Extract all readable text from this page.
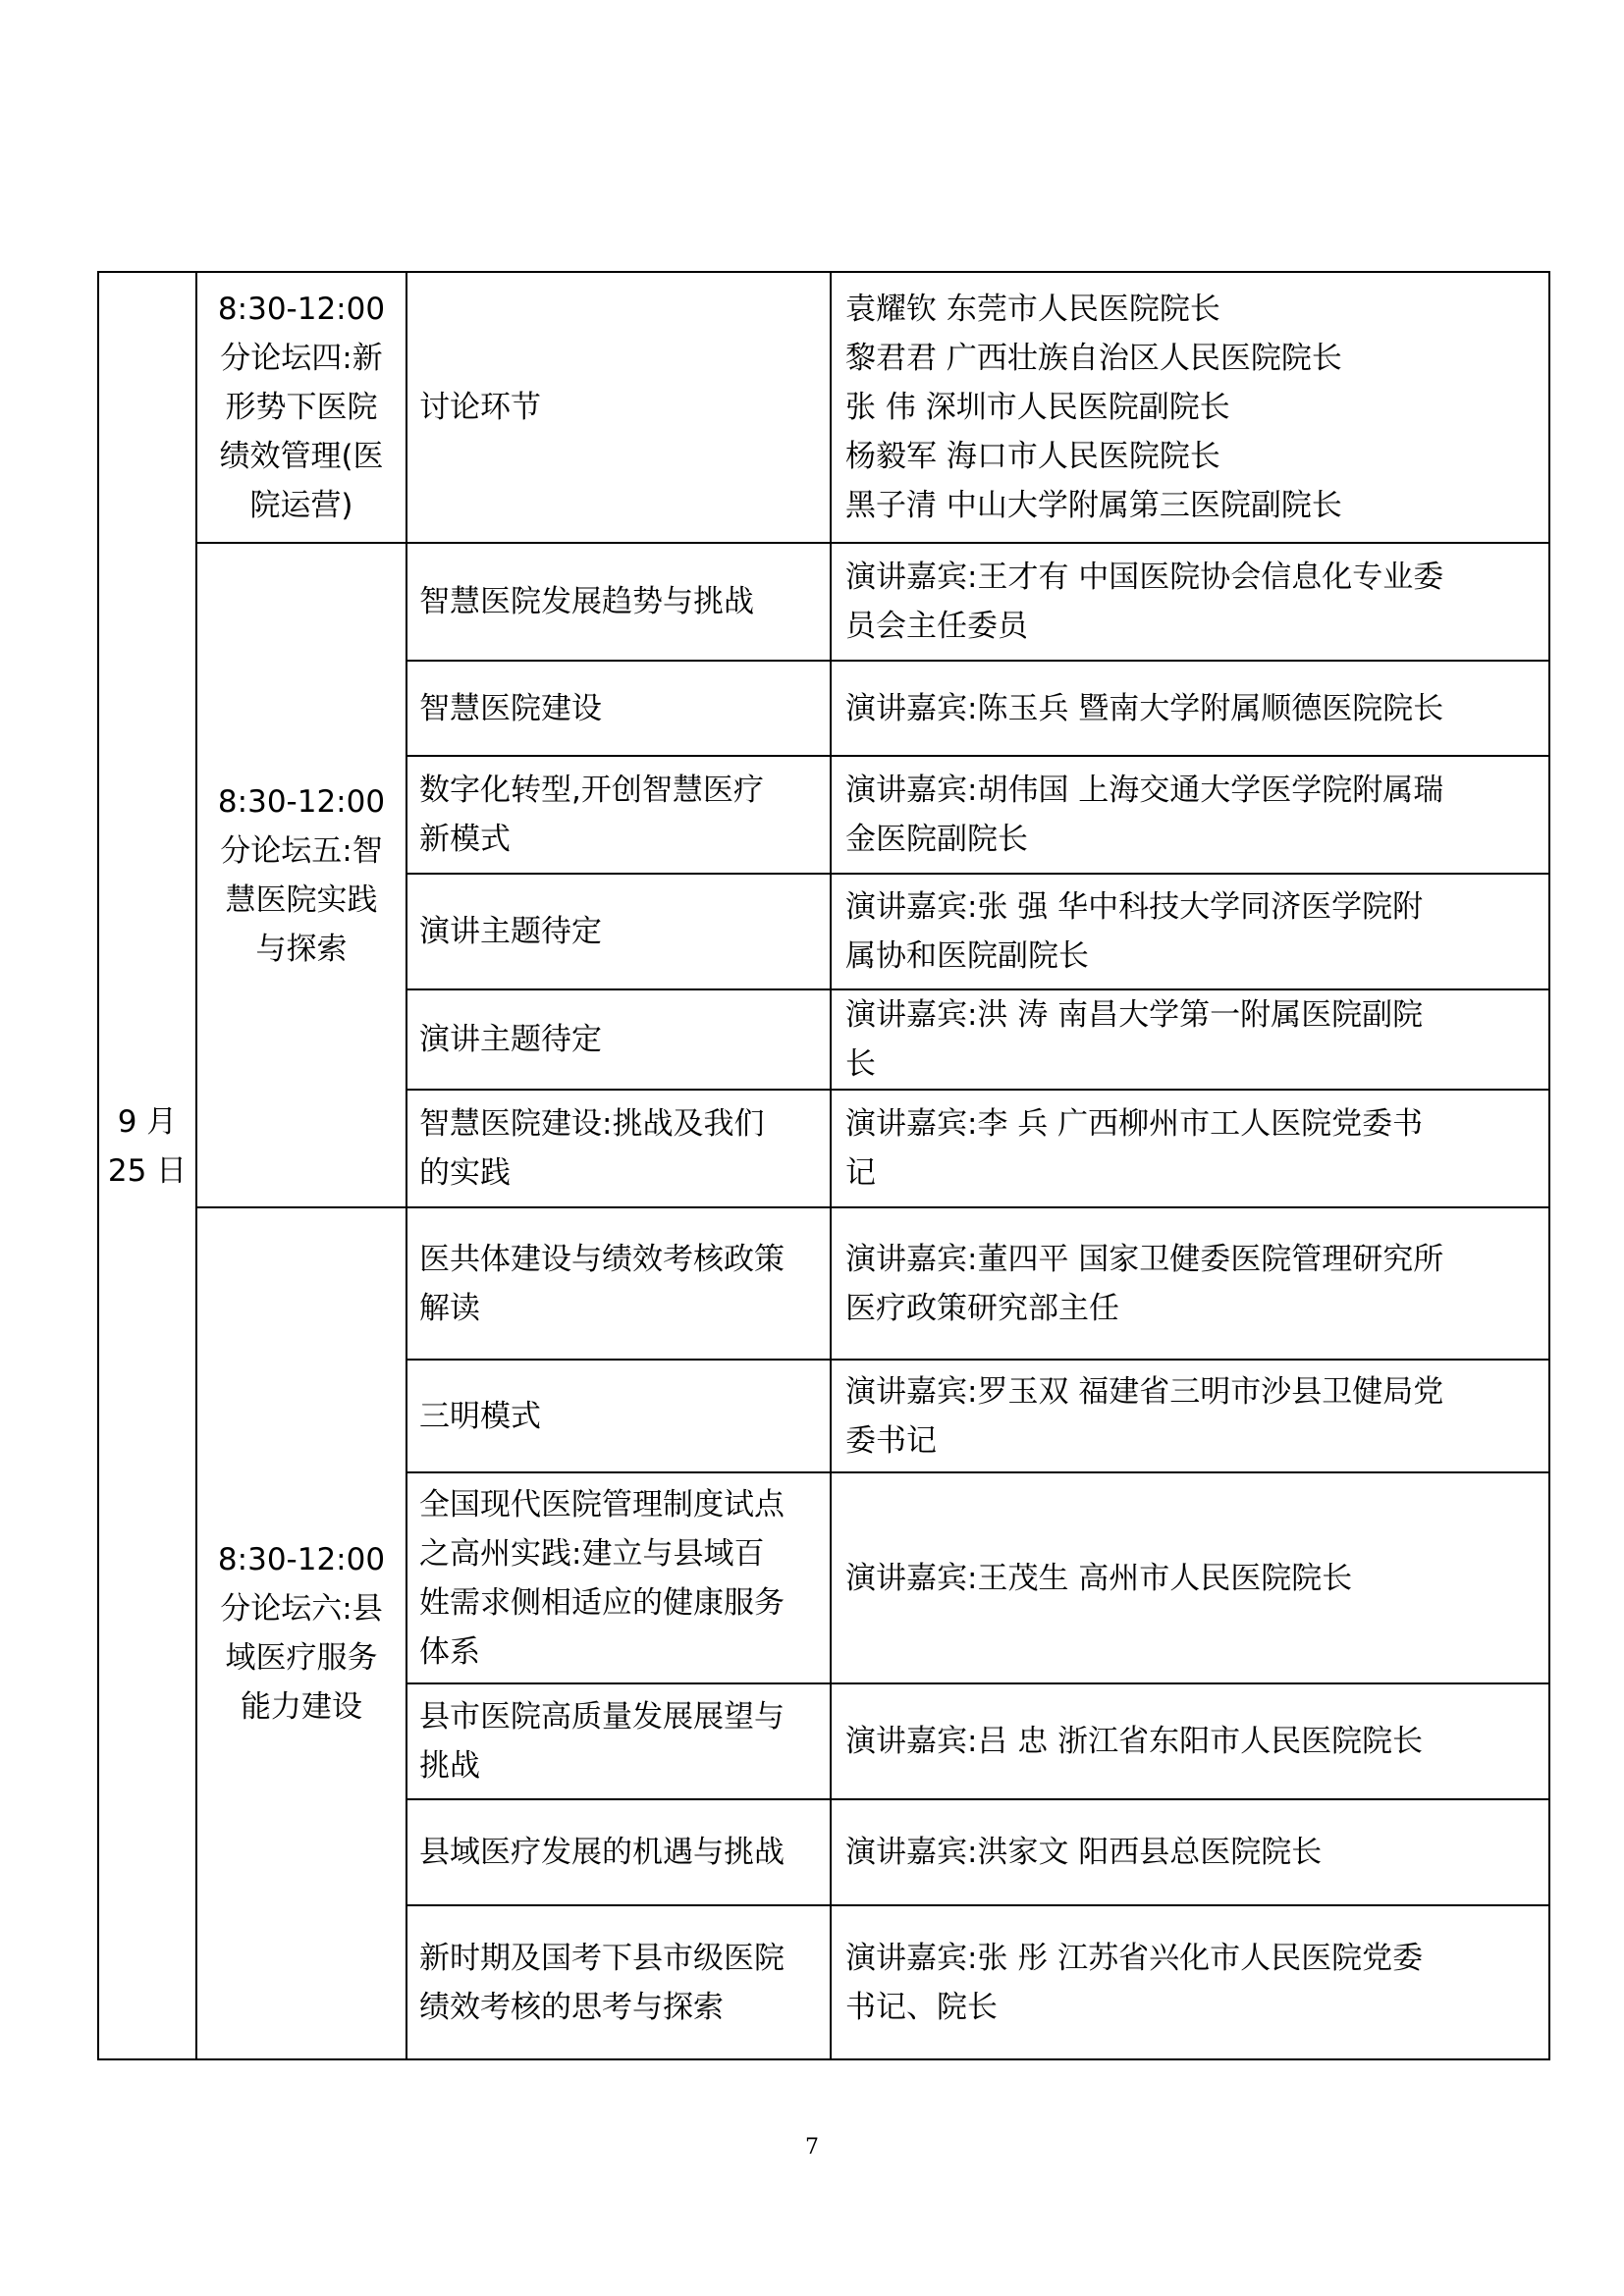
9 月
25 日	8:30-12:00
分论坛四:新
形势下医院
绩效管理(医
院运营)	讨论环节	袁耀钦 东莞市人民医院院长
黎君君 广西壮族自治区人民医院院长
张 伟 深圳市人民医院副院长
杨毅军 海口市人民医院院长
黑子清 中山大学附属第三医院副院长

	8:30-12:00
分论坛五:智
慧医院实践
与探索	智慧医院发展趋势与挑战	演讲嘉宾:王才有 中国医院协会信息化专业委
员会主任委员

		智慧医院建设	演讲嘉宾:陈玉兵 暨南大学附属顺德医院院长

		数字化转型,开创智慧医疗
新模式	演讲嘉宾:胡伟国 上海交通大学医学院附属瑞
金医院副院长

		演讲主题待定	演讲嘉宾:张 强 华中科技大学同济医学院附
属协和医院副院长

		演讲主题待定	演讲嘉宾:洪 涛 南昌大学第一附属医院副院
长

		智慧医院建设:挑战及我们
的实践	演讲嘉宾:李 兵 广西柳州市工人医院党委书
记

	8:30-12:00
分论坛六:县
域医疗服务
能力建设	医共体建设与绩效考核政策
解读	演讲嘉宾:董四平 国家卫健委医院管理研究所
医疗政策研究部主任

		三明模式	演讲嘉宾:罗玉双 福建省三明市沙县卫健局党
委书记

		全国现代医院管理制度试点
之高州实践:建立与县域百
姓需求侧相适应的健康服务
体系	演讲嘉宾:王茂生 高州市人民医院院长

		县市医院高质量发展展望与
挑战	演讲嘉宾:吕 忠 浙江省东阳市人民医院院长

		县域医疗发展的机遇与挑战	演讲嘉宾:洪家文 阳西县总医院院长

		新时期及国考下县市级医院
绩效考核的思考与探索	演讲嘉宾:张 彤 江苏省兴化市人民医院党委
书记、院长
7
